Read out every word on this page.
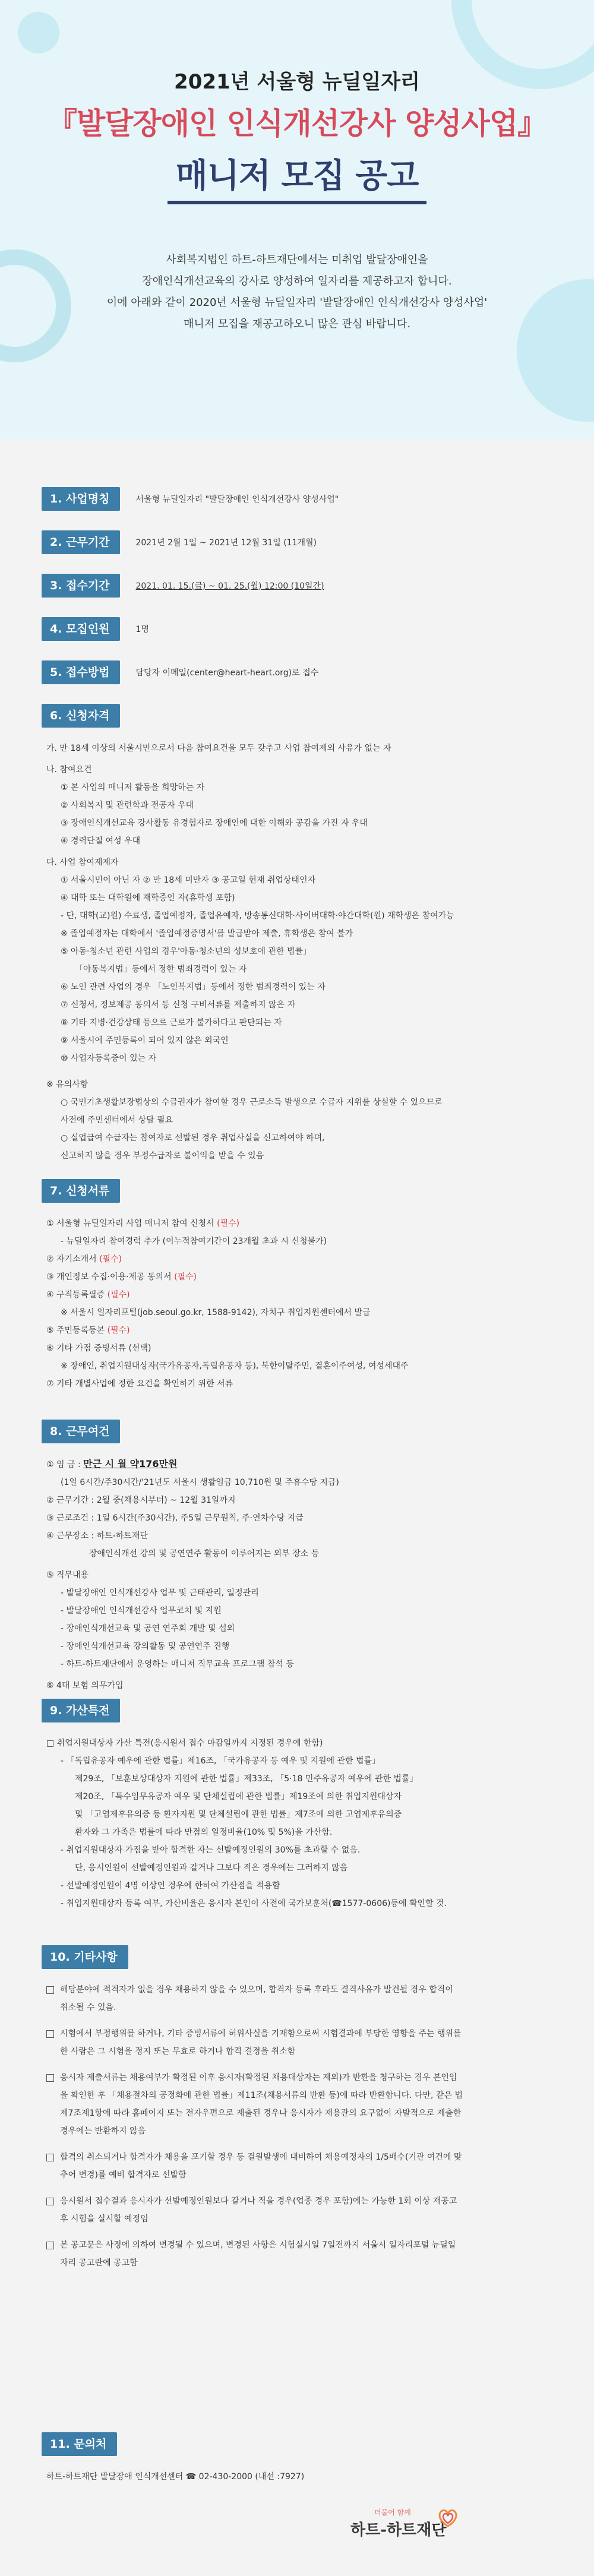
2021년 서울형 뉴딜일자리
『발달장애인 인식개선강사 양성사업』
매니저 모집 공고

사회복지법인 하트-하트재단에서는 미취업 발달장애인을

장애인식개선교육의 강사로 양성하여 일자리를 제공하고자 합니다.

이에 아래와 같이 2020년 서울형 뉴딜일자리 '발달장애인 인식개선강사 양성사업'

매니저 모집을 재공고하오니 많은 관심 바랍니다.

1. 사업명칭	서울형 뉴딜일자리 "발달장애인 인식개선강사 양성사업"
2. 근무기간	2021년 2월 1일 ~ 2021년 12월 31일 (11개월)
3. 접수기간	2021. 01. 15.(금) ~ 01. 25.(월) 12:00 (10일간)
4. 모집인원	1명
5. 접수방법	담당자 이메일(center@heart-heart.org)로 접수
6. 신청자격
가. 만 18세 이상의 서울시민으로서 다음 참여요건을 모두 갖추고 사업 참여제외 사유가 없는 자
나. 참여요건
① 본 사업의 매니저 활동을 희망하는 자
② 사회복지 및 관련학과 전공자 우대
③ 장애인식개선교육 강사활동 유경험자로 장애인에 대한 이해와 공감을 가진 자 우대
④ 경력단절 여성 우대
다. 사업 참여제제자
① 서울시민이 아닌 자 ② 만 18세 미만자 ③ 공고일 현재 취업상태인자
④ 대학 또는 대학원에 재학중인 자(휴학생 포함)
- 단, 대학(교)원) 수료생, 졸업예정자, 졸업유예자, 방송통신대학·사이버대학·야간대학(원) 재학생은 참여가능
※ 졸업예정자는 대학에서 '졸업예정증명서'를 발급받아 제출, 휴학생은 참여 불가
⑤ 아동·청소년 관련 사업의 경우'아동·청소년의 성보호에 관한 법률」
「아동복지법」등에서 정한 범죄경력이 있는 자
⑥ 노인 관련 사업의 경우 「노인복지법」등에서 정한 범죄경력이 있는 자
⑦ 신청서, 정보제공 동의서 등 신청 구비서류를 제출하지 않은 자
⑧ 기타 지병·건강상태 등으로 근로가 불가하다고 판단되는 자
⑨ 서울시에 주민등록이 되어 있지 않은 외국인
⑩ 사업자등록증이 있는 자
※ 유의사항
○ 국민기초생활보장법상의 수급권자가 참여할 경우 근로소득 발생으로 수급자 지위를 상실할 수 있으므로
사전에 주민센터에서 상담 필요
○ 실업급여 수급자는 참여자로 선발된 경우 취업사실을 신고하여야 하며,
신고하지 않을 경우 부정수급자로 불이익을 받을 수 있음
7. 신청서류
① 서울형 뉴딜일자리 사업 매니저 참여 신청서 (필수)
- 뉴딜일자리 참여경력 추가 (이누적참여기간이 23개월 초과 시 신청불가)
② 자기소개서 (필수)
③ 개인정보 수집·이용·제공 동의서 (필수)
④ 구직등록필증 (필수)
※ 서울시 일자리포털(job.seoul.go.kr, 1588-9142), 자치구 취업지원센터에서 발급
⑤ 주민등록등본 (필수)
⑥ 기타 가점 증빙서류 (선택)
※ 장애인, 취업지원대상자(국가유공자,독립유공자 등), 북한이탈주민, 결혼이주여성, 여성세대주
⑦ 기타 개별사업에 정한 요건을 확인하기 위한 서류
8. 근무여건
① 임 금 : 만근 시 월 약176만원
(1일 6시간/주30시간/'21년도 서울시 생활임금 10,710원 및 주휴수당 지급)
② 근무기간 : 2월 중(채용시부터) ~ 12월 31일까지
③ 근로조건 : 1일 6시간(주30시간), 주5일 근무원칙, 주·연차수당 지급
④ 근무장소 : 하트-하트재단
장애인식개선 강의 및 공연연주 활동이 이루어지는 외부 장소 등
⑤ 직무내용
- 발달장애인 인식개선강사 업무 및 근태관리, 일정관리
- 발달장애인 인식개선강사 업무코치 및 지원
- 장애인식개선교육 및 공연 연주회 개발 및 섭외
- 장애인식개선교육 강의활동 및 공연연주 진행
- 하트-하트재단에서 운영하는 매니저 직무교육 프로그램 참석 등
⑥ 4대 보험 의무가입
9. 가산특전
□ 취업지원대상자 가산 특전(응시원서 접수 마감일까지 지정된 경우에 한함)
- 「독립유공자 예우에 관한 법률」제16조, 「국가유공자 등 예우 및 지원에 관한 법률」
제29조, 「보훈보상대상자 지원에 관한 법률」제33조, 「5·18 민주유공자 예우에 관한 법률」
제20조, 「특수임무유공자 예우 및 단체설립에 관한 법률」제19조에 의한 취업지원대상자
및 「고엽제후유의증 등 환자지원 및 단체설립에 관한 법률」제7조에 의한 고엽제후유의증
환자와 그 가족은 법률에 따라 만점의 일정비율(10% 및 5%)을 가산함.
- 취업지원대상자 가점을 받아 합격한 자는 선발예정인원의 30%를 초과할 수 없음.
단, 응시인원이 선발예정인원과 같거나 그보다 적은 경우에는 그러하지 않음
- 선발예정인원이 4명 이상인 경우에 한하여 가산점을 적용함
- 취업지원대상자 등록 여부, 가산비율은 응시자 본인이 사전에 국가보훈처(☎1577-0606)등에 확인할 것.
10. 기타사항
해당분야에 적격자가 없을 경우 채용하지 않을 수 있으며, 합격자 등록 후라도 결격사유가 발견될 경우 합격이 취소될 수 있음.
시험에서 부정행위를 하거나, 기타 증빙서류에 허위사실을 기재함으로써 시험결과에 부당한 영향을 주는 행위를 한 사람은 그 시험을 정지 또는 무효로 하거나 합격 결정을 취소함
응시자 제출서류는 채용여부가 확정된 이후 응시자(확정된 채용대상자는 제외)가 반환을 청구하는 경우 본인임을 확인한 후 「채용절차의 공정화에 관한 법률」제11조(채용서류의 반환 등)에 따라 반환합니다. 다만, 같은 법 제7조제1항에 따라 홈페이지 또는 전자우편으로 제출된 경우나 응시자가 재용관의 요구없이 자발적으로 제출한 경우에는 반환하지 않음
합격의 취소되거나 합격자가 채용을 포기할 경우 등 결원발생에 대비하여 채용예정자의 1/5배수(기관 여건에 맞추어 변경)를 예비 합격자로 선발함
응시원서 접수결과 응시자가 선발예정인원보다 같거나 적을 경우(업종 경우 포함)에는 가능한 1회 이상 재공고 후 시험을 실시할 예정임
본 공고문은 사정에 의하여 변경될 수 있으며, 변경된 사항은 시험실시일 7일전까지 서울시 일자리포털 뉴딜일자리 공고란에 공고함
11. 문의처
하트-하트재단 발달장애 인식개선센터 ☎ 02-430-2000 (내선 :7927)
더불어 함께
하트-하트재단
